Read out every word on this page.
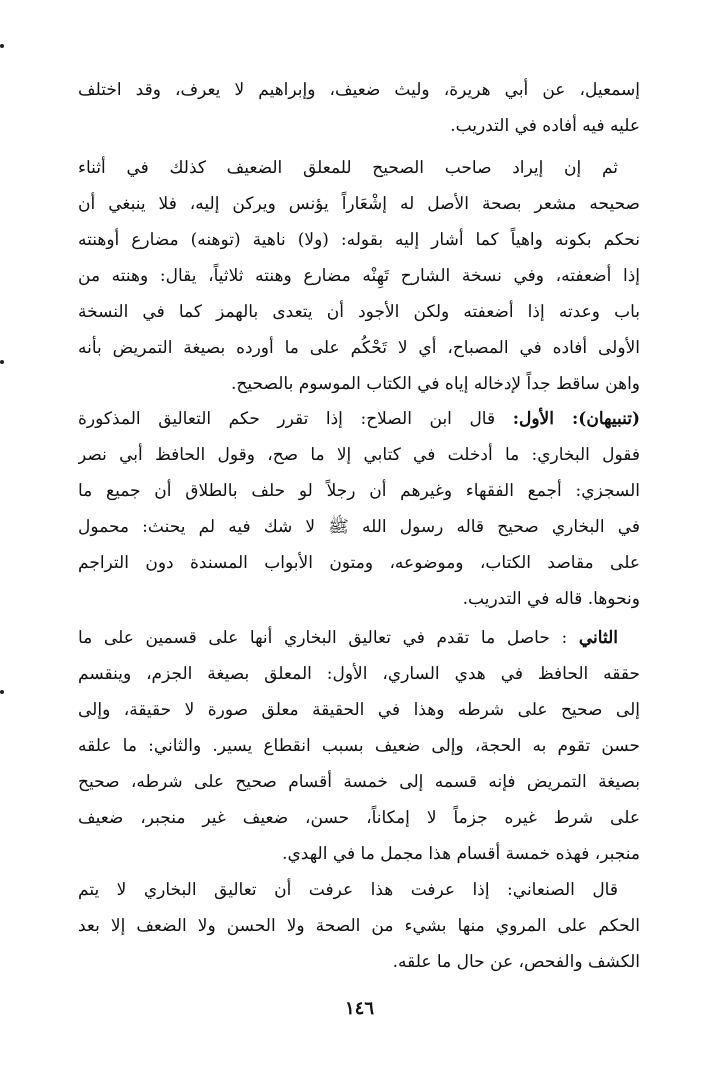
إسمعيل، عن أبي هريرة، وليث ضعيف، وإبراهيم لا يعرف، وقد اختلف
عليه فيه أفاده في التدريب.
ثم إن إيراد صاحب الصحيح للمعلق الضعيف كذلك في أثناء
صحيحه مشعر بصحة الأصل له إشْعَاراً يؤنس ويركن إليه، فلا ينبغي أن
نحكم بكونه واهياً كما أشار إليه بقوله: (ولا) ناهية (توهنه) مضارع أوهنته
إذا أضعفته، وفي نسخة الشارح تَهِنْه مضارع وهنته ثلاثياً، يقال: وهنته من
باب وعدته إذا أضعفته ولكن الأجود أن يتعدى بالهمز كما في النسخة
الأولى أفاده في المصباح، أي لا تَحْكُم على ما أورده بصيغة التمريض بأنه
واهن ساقط جداً لإدخاله إياه في الكتاب الموسوم بالصحيح.
(تنبيهان): الأول: قال ابن الصلاح: إذا تقرر حكم التعاليق المذكورة
فقول البخاري: ما أدخلت في كتابي إلا ما صح، وقول الحافظ أبي نصر
السجزي: أجمع الفقهاء وغيرهم أن رجلاً لو حلف بالطلاق أن جميع ما
في البخاري صحيح قاله رسول الله ﷺ لا شك فيه لم يحنث: محمول
على مقاصد الكتاب، وموضوعه، ومتون الأبواب المسندة دون التراجم
ونحوها. قاله في التدريب.
الثاني : حاصل ما تقدم في تعاليق البخاري أنها على قسمين على ما
حققه الحافظ في هدي الساري، الأول: المعلق بصيغة الجزم، وينقسم
إلى صحيح على شرطه وهذا في الحقيقة معلق صورة لا حقيقة، وإلى
حسن تقوم به الحجة، وإلى ضعيف بسبب انقطاع يسير. والثاني: ما علقه
بصيغة التمريض فإنه قسمه إلى خمسة أقسام صحيح على شرطه، صحيح
على شرط غيره جزماً لا إمكاناً، حسن، ضعيف غير منجبر، ضعيف
منجبر، فهذه خمسة أقسام هذا مجمل ما في الهدي.
قال الصنعاني: إذا عرفت هذا عرفت أن تعاليق البخاري لا يتم
الحكم على المروي منها بشيء من الصحة ولا الحسن ولا الضعف إلا بعد
الكشف والفحص، عن حال ما علقه.
١٤٦
